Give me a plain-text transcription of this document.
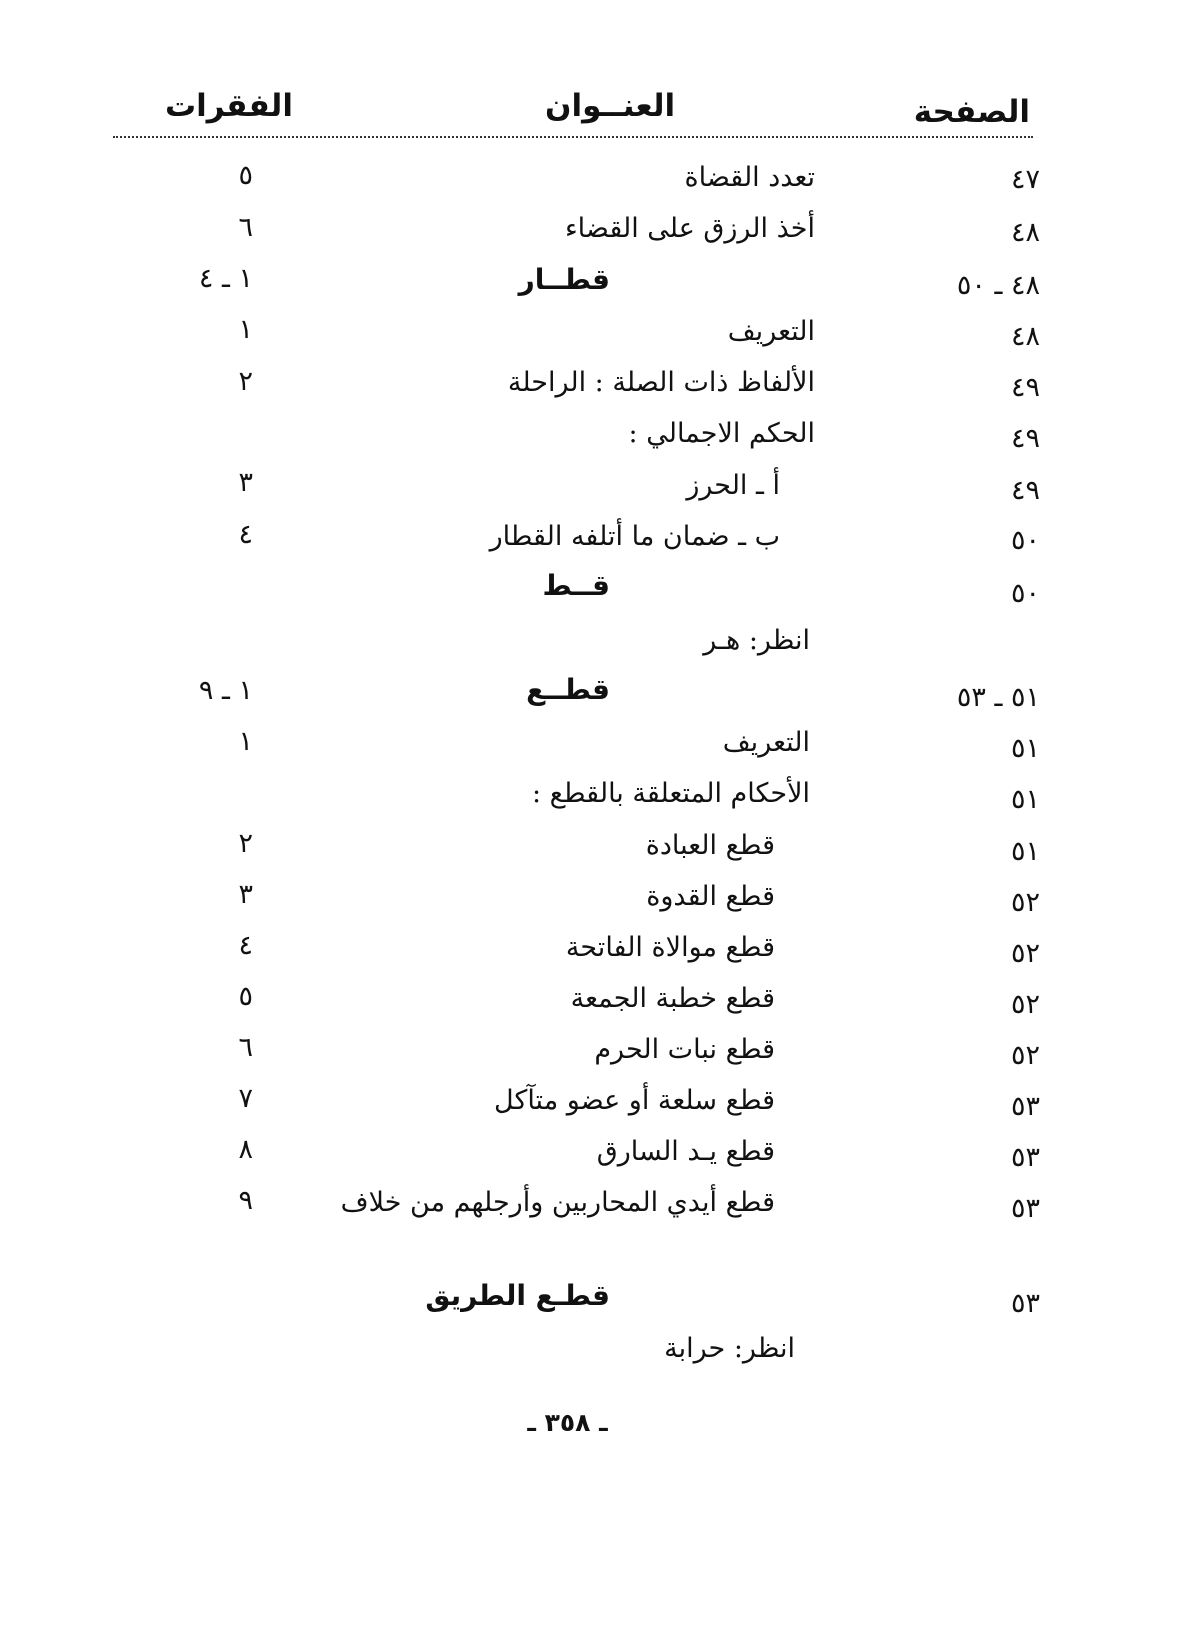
الصفحة
العنــوان
الفقرات
٤٧
تعدد القضاة
٥
٤٨
أخذ الرزق على القضاء
٦
٤٨ ـ ٥٠
قطــار
١ ـ ٤
٤٨
التعريف
١
٤٩
الألفاظ ذات الصلة : الراحلة
٢
٤٩
الحكم الاجمالي :
٤٩
أ ـ الحرز
٣
٥٠
ب ـ ضمان ما أتلفه القطار
٤
٥٠
قــط
انظر: هـر
٥١ ـ ٥٣
قطــع
١ ـ ٩
٥١
التعريف
١
٥١
الأحكام المتعلقة بالقطع :
٥١
قطع العبادة
٢
٥٢
قطع القدوة
٣
٥٢
قطع موالاة الفاتحة
٤
٥٢
قطع خطبة الجمعة
٥
٥٢
قطع نبات الحرم
٦
٥٣
قطع سلعة أو عضو متآكل
٧
٥٣
قطع يـد السارق
٨
٥٣
قطع أيدي المحاربين وأرجلهم من خلاف
٩
٥٣
قطـع الطريق
انظر: حرابة
ـ ٣٥٨ ـ
